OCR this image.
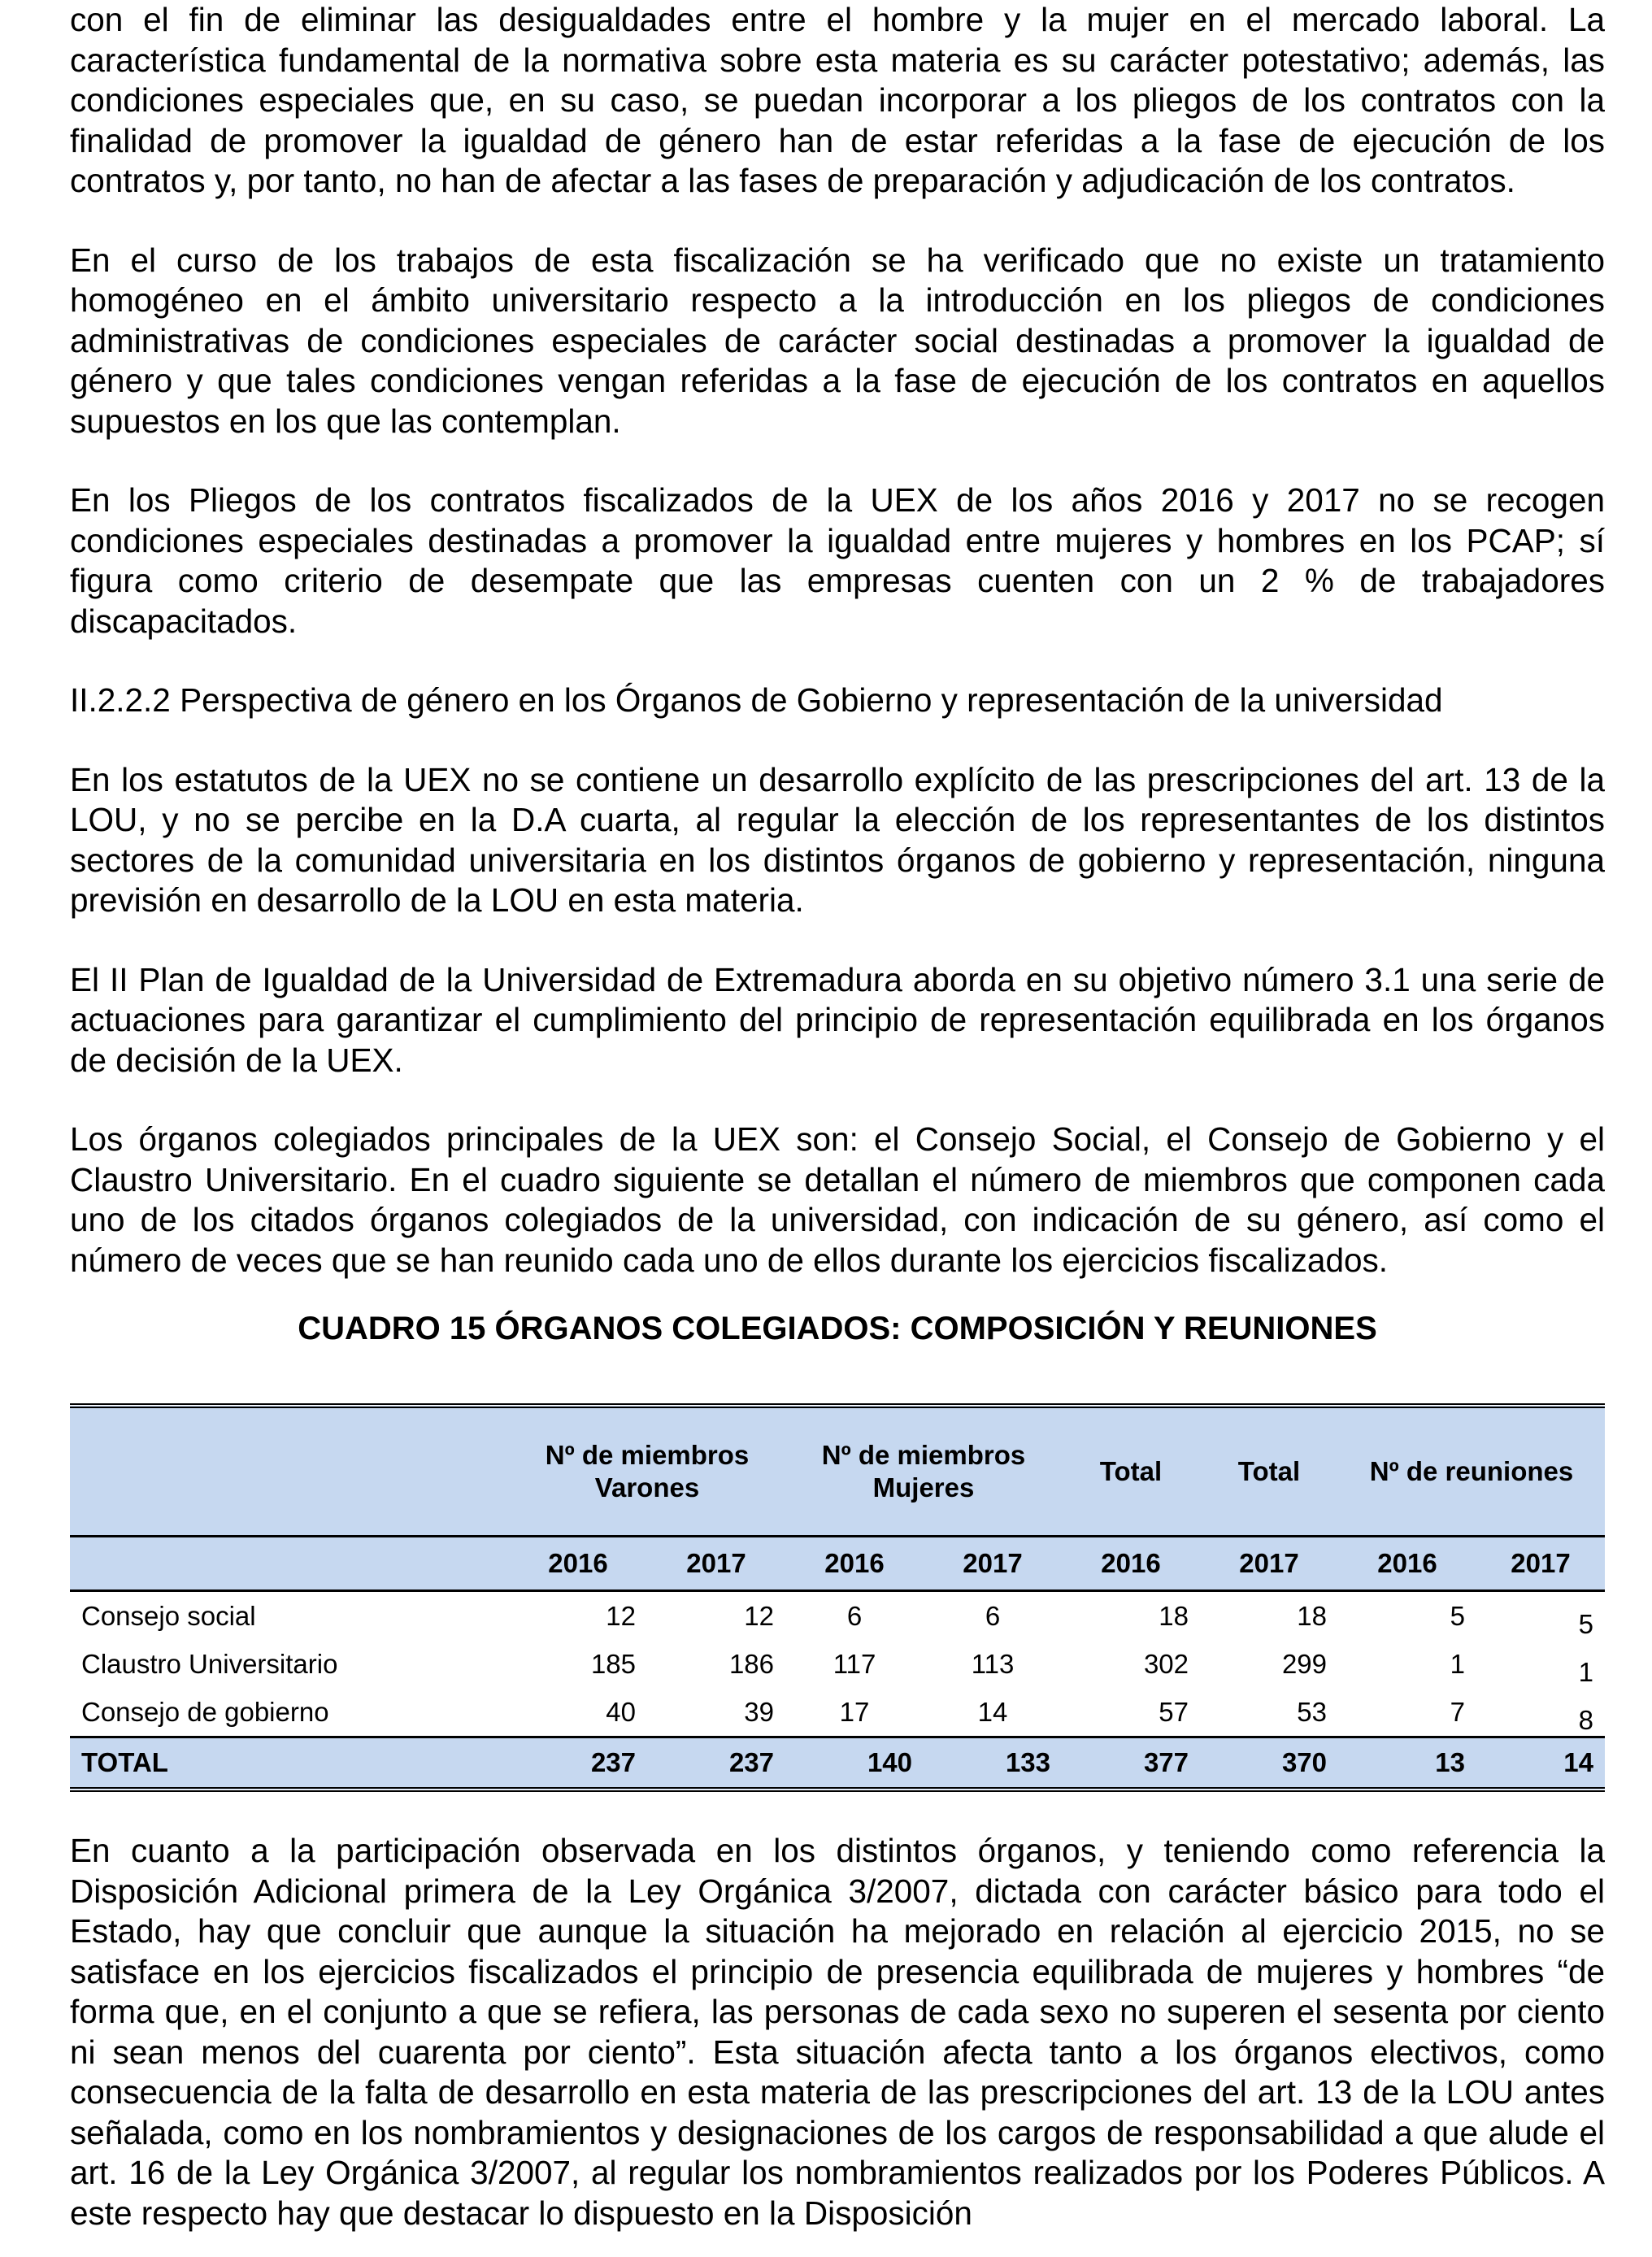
con el fin de eliminar las desigualdades entre el hombre y la mujer en el mercado laboral. La característica fundamental de la normativa sobre esta materia es su carácter potestativo; además, las condiciones especiales que, en su caso, se puedan incorporar a los pliegos de los contratos con la finalidad de promover la igualdad de género han de estar referidas a la fase de ejecución de los contratos y, por tanto, no han de afectar a las fases de preparación y adjudicación de los contratos.

En el curso de los trabajos de esta fiscalización se ha verificado que no existe un tratamiento homogéneo en el ámbito universitario respecto a la introducción en los pliegos de condiciones administrativas de condiciones especiales de carácter social destinadas a promover la igualdad de género y que tales condiciones vengan referidas a la fase de ejecución de los contratos en aquellos supuestos en los que las contemplan.

En los Pliegos de los contratos fiscalizados de la UEX de los años 2016 y 2017 no se recogen condiciones especiales destinadas a promover la igualdad entre mujeres y hombres en los PCAP; sí figura como criterio de desempate que las empresas cuenten con un 2 % de trabajadores discapacitados.

II.2.2.2 Perspectiva de género en los Órganos de Gobierno y representación de la universidad

En los estatutos de la UEX no se contiene un desarrollo explícito de las prescripciones del art. 13 de la LOU, y no se percibe en la D.A cuarta, al regular la elección de los representantes de los distintos sectores de la comunidad universitaria en los distintos órganos de gobierno y representación, ninguna previsión en desarrollo de la LOU en esta materia.

El II Plan de Igualdad de la Universidad de Extremadura aborda en su objetivo número 3.1 una serie de actuaciones para garantizar el cumplimiento del principio de representación equilibrada en los órganos de decisión de la UEX.

Los órganos colegiados principales de la UEX son: el Consejo Social, el Consejo de Gobierno y el Claustro Universitario. En el cuadro siguiente se detallan el número de miembros que componen cada uno de los citados órganos colegiados de la universidad, con indicación de su género, así como el número de veces que se han reunido cada uno de ellos durante los ejercicios fiscalizados.

CUADRO 15 ÓRGANOS COLEGIADOS: COMPOSICIÓN Y REUNIONES

	Nº de miembros Varones		Nº de miembros Mujeres		Total	Total	Nº de reuniones	
	2016	2017	2016	2017	2016	2017	2016	2017
Consejo social	12	12	6	6	18	18	5	5
Claustro Universitario	185	186	117	113	302	299	1	1
Consejo de gobierno	40	39	17	14	57	53	7	8
TOTAL	237	237	140	133	377	370	13	14

En cuanto a la participación observada en los distintos órganos, y teniendo como referencia la Disposición Adicional primera de la Ley Orgánica 3/2007, dictada con carácter básico para todo el Estado, hay que concluir que aunque la situación ha mejorado en relación al ejercicio 2015, no se satisface en los ejercicios fiscalizados el principio de presencia equilibrada de mujeres y hombres “de forma que, en el conjunto a que se refiera, las personas de cada sexo no superen el sesenta por ciento ni sean menos del cuarenta por ciento”. Esta situación afecta tanto a los órganos electivos, como consecuencia de la falta de desarrollo en esta materia de las prescripciones del art. 13 de la LOU antes señalada, como en los nombramientos y designaciones de los cargos de responsabilidad a que alude el art. 16 de la Ley Orgánica 3/2007, al regular los nombramientos realizados por los Poderes Públicos. A este respecto hay que destacar lo dispuesto en la Disposición
